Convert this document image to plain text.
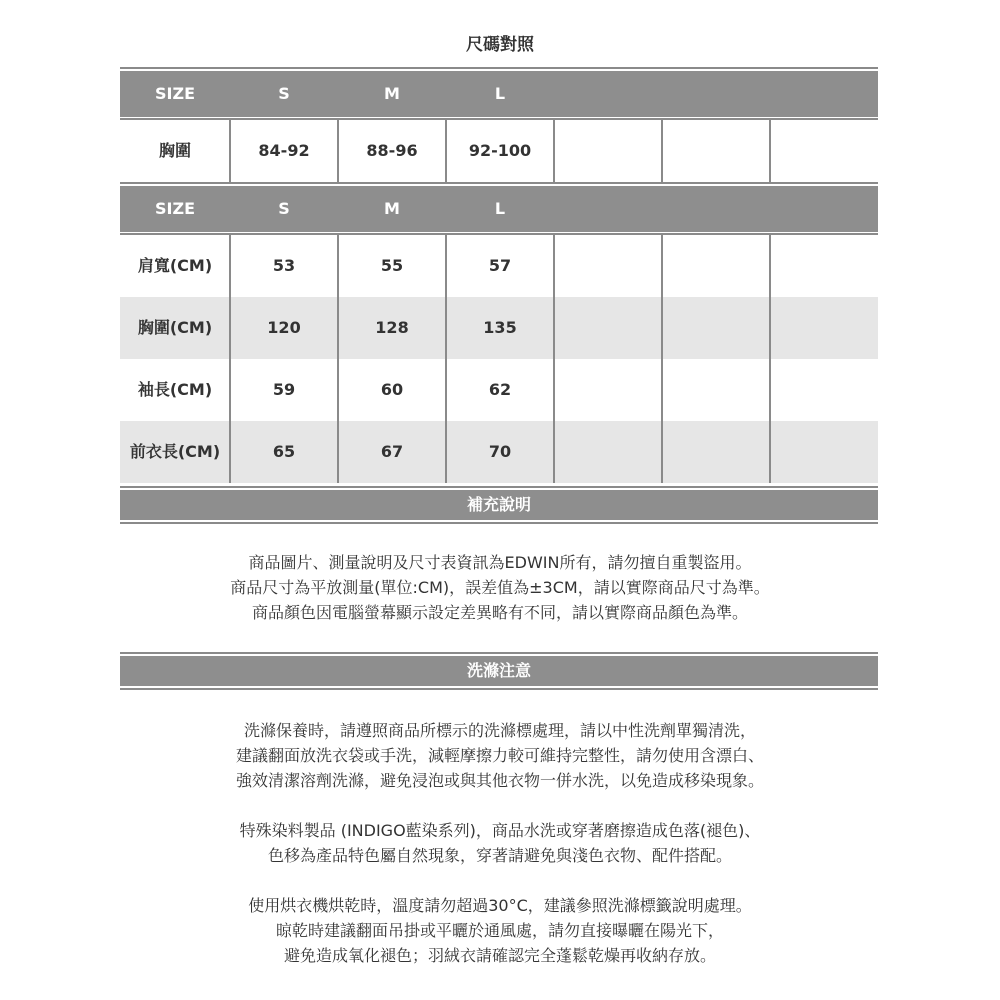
尺碼對照
SIZE	S	M	L
胸圍	84-92	88-96	92-100
SIZE	S	M	L
肩寬(CM)	53	55	57
胸圍(CM)	120	128	135
袖長(CM)	59	60	62
前衣長(CM)	65	67	70
補充說明
商品圖片、測量說明及尺寸表資訊為EDWIN所有，請勿擅自重製盜用。
商品尺寸為平放測量(單位:CM)，誤差值為±3CM，請以實際商品尺寸為準。
商品顏色因電腦螢幕顯示設定差異略有不同，請以實際商品顏色為準。
洗滌注意
洗滌保養時，請遵照商品所標示的洗滌標處理，請以中性洗劑單獨清洗，
建議翻面放洗衣袋或手洗，減輕摩擦力較可維持完整性，請勿使用含漂白、
強效清潔溶劑洗滌，避免浸泡或與其他衣物一併水洗，以免造成移染現象。
特殊染料製品 (INDIGO藍染系列)，商品水洗或穿著磨擦造成色落(褪色)、
色移為產品特色屬自然現象，穿著請避免與淺色衣物、配件搭配。
使用烘衣機烘乾時，溫度請勿超過30°C，建議參照洗滌標籤說明處理。
晾乾時建議翻面吊掛或平曬於通風處，請勿直接曝曬在陽光下，
避免造成氧化褪色；羽絨衣請確認完全蓬鬆乾燥再收納存放。
